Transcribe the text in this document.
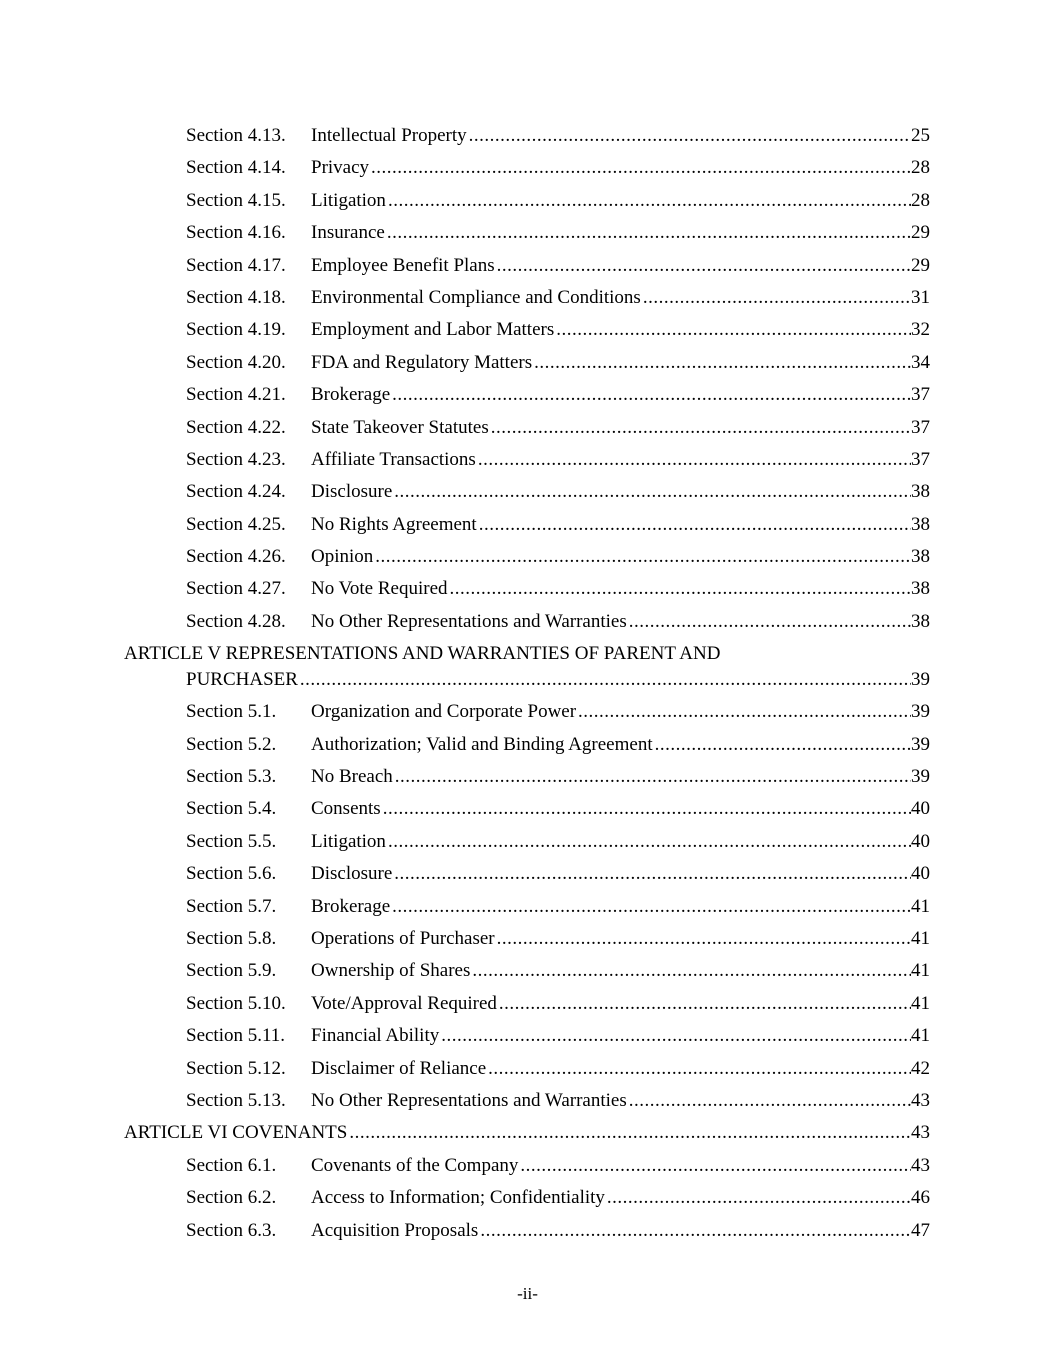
Section 4.13. Intellectual Property .....	25
Section 4.14. Privacy .....	28
Section 4.15. Litigation .....	28
Section 4.16. Insurance .....	29
Section 4.17. Employee Benefit Plans .....	29
Section 4.18. Environmental Compliance and Conditions .....	31
Section 4.19. Employment and Labor Matters .....	32
Section 4.20. FDA and Regulatory Matters .....	34
Section 4.21. Brokerage .....	37
Section 4.22. State Takeover Statutes .....	37
Section 4.23. Affiliate Transactions .....	37
Section 4.24. Disclosure .....	38
Section 4.25. No Rights Agreement .....	38
Section 4.26. Opinion .....	38
Section 4.27. No Vote Required .....	38
Section 4.28. No Other Representations and Warranties .....	38
ARTICLE V REPRESENTATIONS AND WARRANTIES OF PARENT AND
PURCHASER .....	39
Section 5.1. Organization and Corporate Power .....	39
Section 5.2. Authorization; Valid and Binding Agreement .....	39
Section 5.3. No Breach .....	39
Section 5.4. Consents .....	40
Section 5.5. Litigation .....	40
Section 5.6. Disclosure .....	40
Section 5.7. Brokerage .....	41
Section 5.8. Operations of Purchaser .....	41
Section 5.9. Ownership of Shares .....	41
Section 5.10. Vote/Approval Required .....	41
Section 5.11. Financial Ability .....	41
Section 5.12. Disclaimer of Reliance .....	42
Section 5.13. No Other Representations and Warranties .....	43
ARTICLE VI COVENANTS .....	43
Section 6.1. Covenants of the Company .....	43
Section 6.2. Access to Information; Confidentiality .....	46
Section 6.3. Acquisition Proposals .....	47
-ii-
